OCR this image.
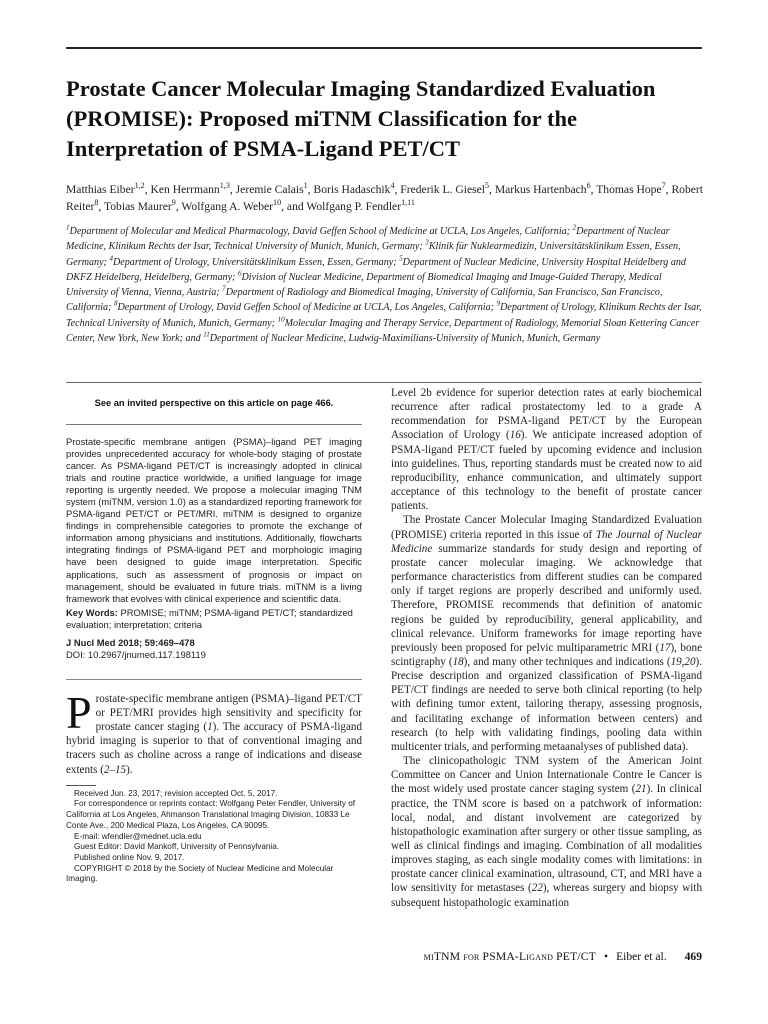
Prostate Cancer Molecular Imaging Standardized Evaluation (PROMISE): Proposed miTNM Classification for the Interpretation of PSMA-Ligand PET/CT
Matthias Eiber$^{1,2}$, Ken Herrmann$^{1,3}$, Jeremie Calais$^1$, Boris Hadaschik$^4$, Frederik L. Giesel$^5$, Markus Hartenbach$^6$, Thomas Hope$^7$, Robert Reiter$^8$, Tobias Maurer$^9$, Wolfgang A. Weber$^{10}$, and Wolfgang P. Fendler$^{1,11}$

$^1$Department of Molecular and Medical Pharmacology, David Geffen School of Medicine at UCLA, Los Angeles, California; $^2$Department of Nuclear Medicine, Klinikum Rechts der Isar, Technical University of Munich, Munich, Germany; $^3$Klinik für Nuklearmedizin, Universitätsklinikum Essen, Essen, Germany; $^4$Department of Urology, Universitätsklinikum Essen, Essen, Germany; $^5$Department of Nuclear Medicine, University Hospital Heidelberg and DKFZ Heidelberg, Heidelberg, Germany; $^6$Division of Nuclear Medicine, Department of Biomedical Imaging and Image-Guided Therapy, Medical University of Vienna, Vienna, Austria; $^7$Department of Radiology and Biomedical Imaging, University of California, San Francisco, San Francisco, California; $^8$Department of Urology, David Geffen School of Medicine at UCLA, Los Angeles, California; $^9$Department of Urology, Klinikum Rechts der Isar, Technical University of Munich, Munich, Germany; $^{10}$Molecular Imaging and Therapy Service, Department of Radiology, Memorial Sloan Kettering Cancer Center, New York, New York; and $^{11}$Department of Nuclear Medicine, Ludwig-Maximilians-University of Munich, Munich, Germany

See an invited perspective on this article on page 466.
Prostate-specific membrane antigen (PSMA)–ligand PET imaging provides unprecedented accuracy for whole-body staging of prostate cancer. As PSMA-ligand PET/CT is increasingly adopted in clinical trials and routine practice worldwide, a unified language for image reporting is urgently needed. We propose a molecular imaging TNM system (miTNM, version 1.0) as a standardized reporting framework for PSMA-ligand PET/CT or PET/MRI. miTNM is designed to organize findings in comprehensible categories to promote the exchange of information among physicians and institutions. Additionally, flowcharts integrating findings of PSMA-ligand PET and morphologic imaging have been designed to guide image interpretation. Specific applications, such as assessment of prognosis or impact on management, should be evaluated in future trials. miTNM is a living framework that evolves with clinical experience and scientific data.
Key Words: PROMISE; miTNM; PSMA-ligand PET/CT; standardized evaluation; interpretation; criteria
J Nucl Med 2018; 59:469–478
DOI: 10.2967/jnumed.117.198119
Prostate-specific membrane antigen (PSMA)–ligand PET/CT or PET/MRI provides high sensitivity and specificity for prostate cancer staging (1). The accuracy of PSMA-ligand hybrid imaging is superior to that of conventional imaging and tracers such as choline across a range of indications and disease extents (2–15).

Received Jun. 23, 2017; revision accepted Oct. 5, 2017.

For correspondence or reprints contact: Wolfgang Peter Fendler, University of California at Los Angeles, Ahmanson Translational Imaging Division, 10833 Le Conte Ave., 200 Medical Plaza, Los Angeles, CA 90095.

E-mail: wfendler@mednet.ucla.edu

Guest Editor: David Mankoff, University of Pennsylvania.

Published online Nov. 9, 2017.

COPYRIGHT © 2018 by the Society of Nuclear Medicine and Molecular Imaging.

Level 2b evidence for superior detection rates at early biochemical recurrence after radical prostatectomy led to a grade A recommendation for PSMA-ligand PET/CT by the European Association of Urology (16). We anticipate increased adoption of PSMA-ligand PET/CT fueled by upcoming evidence and inclusion into guidelines. Thus, reporting standards must be created now to aid reproducibility, enhance communication, and ultimately support acceptance of this technology to the benefit of prostate cancer patients.

The Prostate Cancer Molecular Imaging Standardized Evaluation (PROMISE) criteria reported in this issue of The Journal of Nuclear Medicine summarize standards for study design and reporting of prostate cancer molecular imaging. We acknowledge that performance characteristics from different studies can be compared only if target regions are properly described and uniformly used. Therefore, PROMISE recommends that definition of anatomic regions be guided by reproducibility, general applicability, and clinical relevance. Uniform frameworks for image reporting have previously been proposed for pelvic multiparametric MRI (17), bone scintigraphy (18), and many other techniques and indications (19,20). Precise description and organized classification of PSMA-ligand PET/CT findings are needed to serve both clinical reporting (to help with defining tumor extent, tailoring therapy, assessing prognosis, and facilitating exchange of information between centers) and research (to help with validating findings, pooling data within multicenter trials, and performing metaanalyses of published data).

The clinicopathologic TNM system of the American Joint Committee on Cancer and Union Internationale Contre le Cancer is the most widely used prostate cancer staging system (21). In clinical practice, the TNM score is based on a patchwork of information: local, nodal, and distant involvement are categorized by histopathologic examination after surgery or other tissue sampling, as well as clinical findings and imaging. Combination of all modalities improves staging, as each single modality comes with limitations: in prostate cancer clinical examination, ultrasound, CT, and MRI have a low sensitivity for metastases (22), whereas surgery and biopsy with subsequent histopathologic examination

miTNM for PSMA-Ligand PET/CT • Eiber et al. 469
